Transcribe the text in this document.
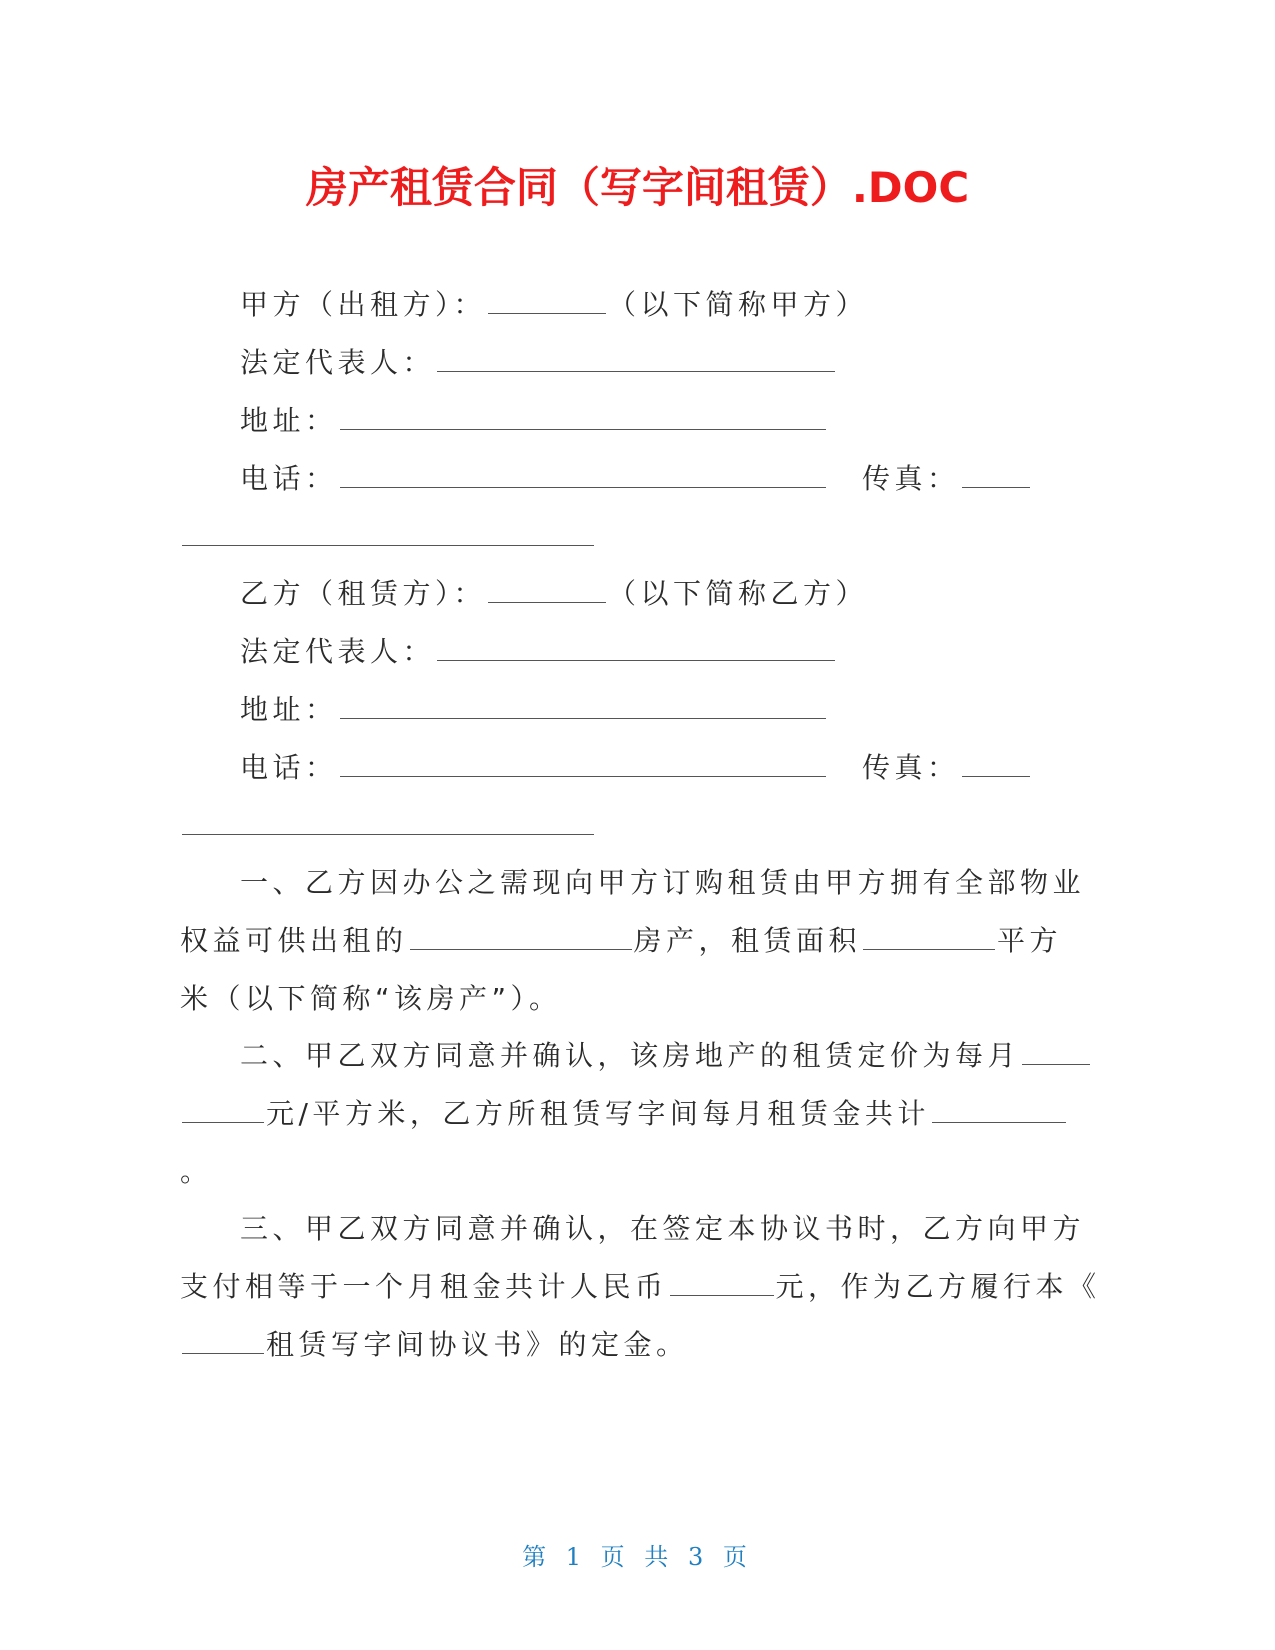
房产租赁合同（写字间租赁）.DOC
甲方（出租方）：	（以下简称甲方）
法定代表人：
地址：
电话：	传真：
乙方（租赁方）：	（以下简称乙方）
法定代表人：
地址：
电话：	传真：
一、乙方因办公之需现向甲方订购租赁由甲方拥有全部物业
权益可供出租的	房产，租赁面积	平方
米（以下简称“该房产”）。
二、甲乙双方同意并确认，该房地产的租赁定价为每月
元/平方米，乙方所租赁写字间每月租赁金共计
。
三、甲乙双方同意并确认，在签定本协议书时，乙方向甲方
支付相等于一个月租金共计人民币	元，作为乙方履行本《
租赁写字间协议书》的定金。
第 1 页 共 3 页
